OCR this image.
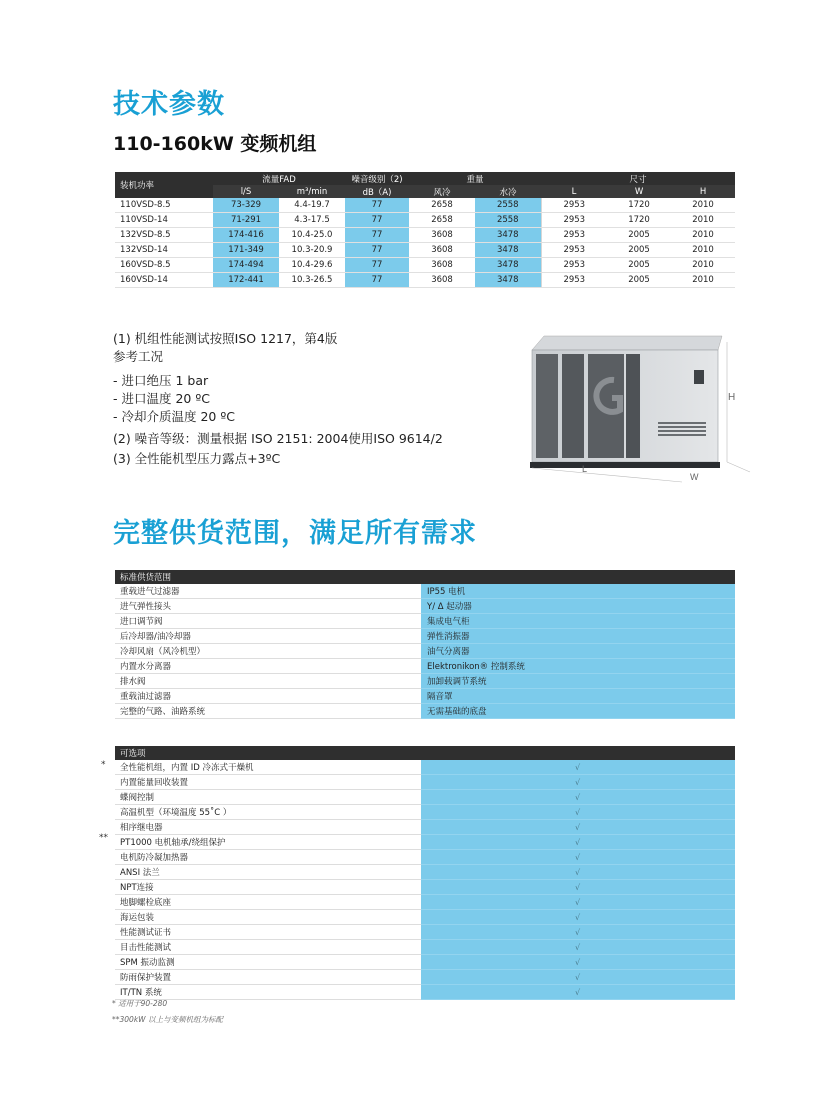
技术参数
110-160kW 变频机组
装机功率	流量FAD		噪音级别（2)	重量		尺寸		
	l/S	m³/min	dB（A)	风冷	水冷	L	W	H
110VSD-8.5	73-329	4.4-19.7	77	2658	2558	2953	1720	2010
110VSD-14	71-291	4.3-17.5	77	2658	2558	2953	1720	2010
132VSD-8.5	174-416	10.4-25.0	77	3608	3478	2953	2005	2010
132VSD-14	171-349	10.3-20.9	77	3608	3478	2953	2005	2010
160VSD-8.5	174-494	10.4-29.6	77	3608	3478	2953	2005	2010
160VSD-14	172-441	10.3-26.5	77	3608	3478	2953	2005	2010
(1) 机组性能测试按照ISO 1217，第4版
参考工况
- 进口绝压 1 bar
- 进口温度 20 ºC
- 冷却介质温度 20 ºC
(2) 噪音等级：测量根据 ISO 2151: 2004使用ISO 9614/2
(3) 全性能机型压力露点+3ºC
H
L
W
完整供货范围，满足所有需求
标准供货范围	
重载进气过滤器	IP55 电机
进气弹性接头	Y/ Δ 起动器
进口调节阀	集成电气柜
后冷却器/油冷却器	弹性消振器
冷却风扇（风冷机型）	油气分离器
内置水分离器	Elektronikon® 控制系统
排水阀	加卸载调节系统
重载油过滤器	隔音罩
完整的气路、油路系统	无需基础的底盘
可选项	
全性能机组，内置 ID 冷冻式干燥机	√
内置能量回收装置	√
蝶阀控制	√
高温机型（环境温度 55˚C ）	√
相序继电器	√
PT1000 电机轴承/绕组保护	√
电机防冷凝加热器	√
ANSI 法兰	√
NPT连接	√
地脚螺栓底座	√
海运包装	√
性能测试证书	√
目击性能测试	√
SPM 振动监测	√
防雨保护装置	√
IT/TN 系统	√
*
**
* 适用于90-280
**300kW 以上与变频机组为标配
